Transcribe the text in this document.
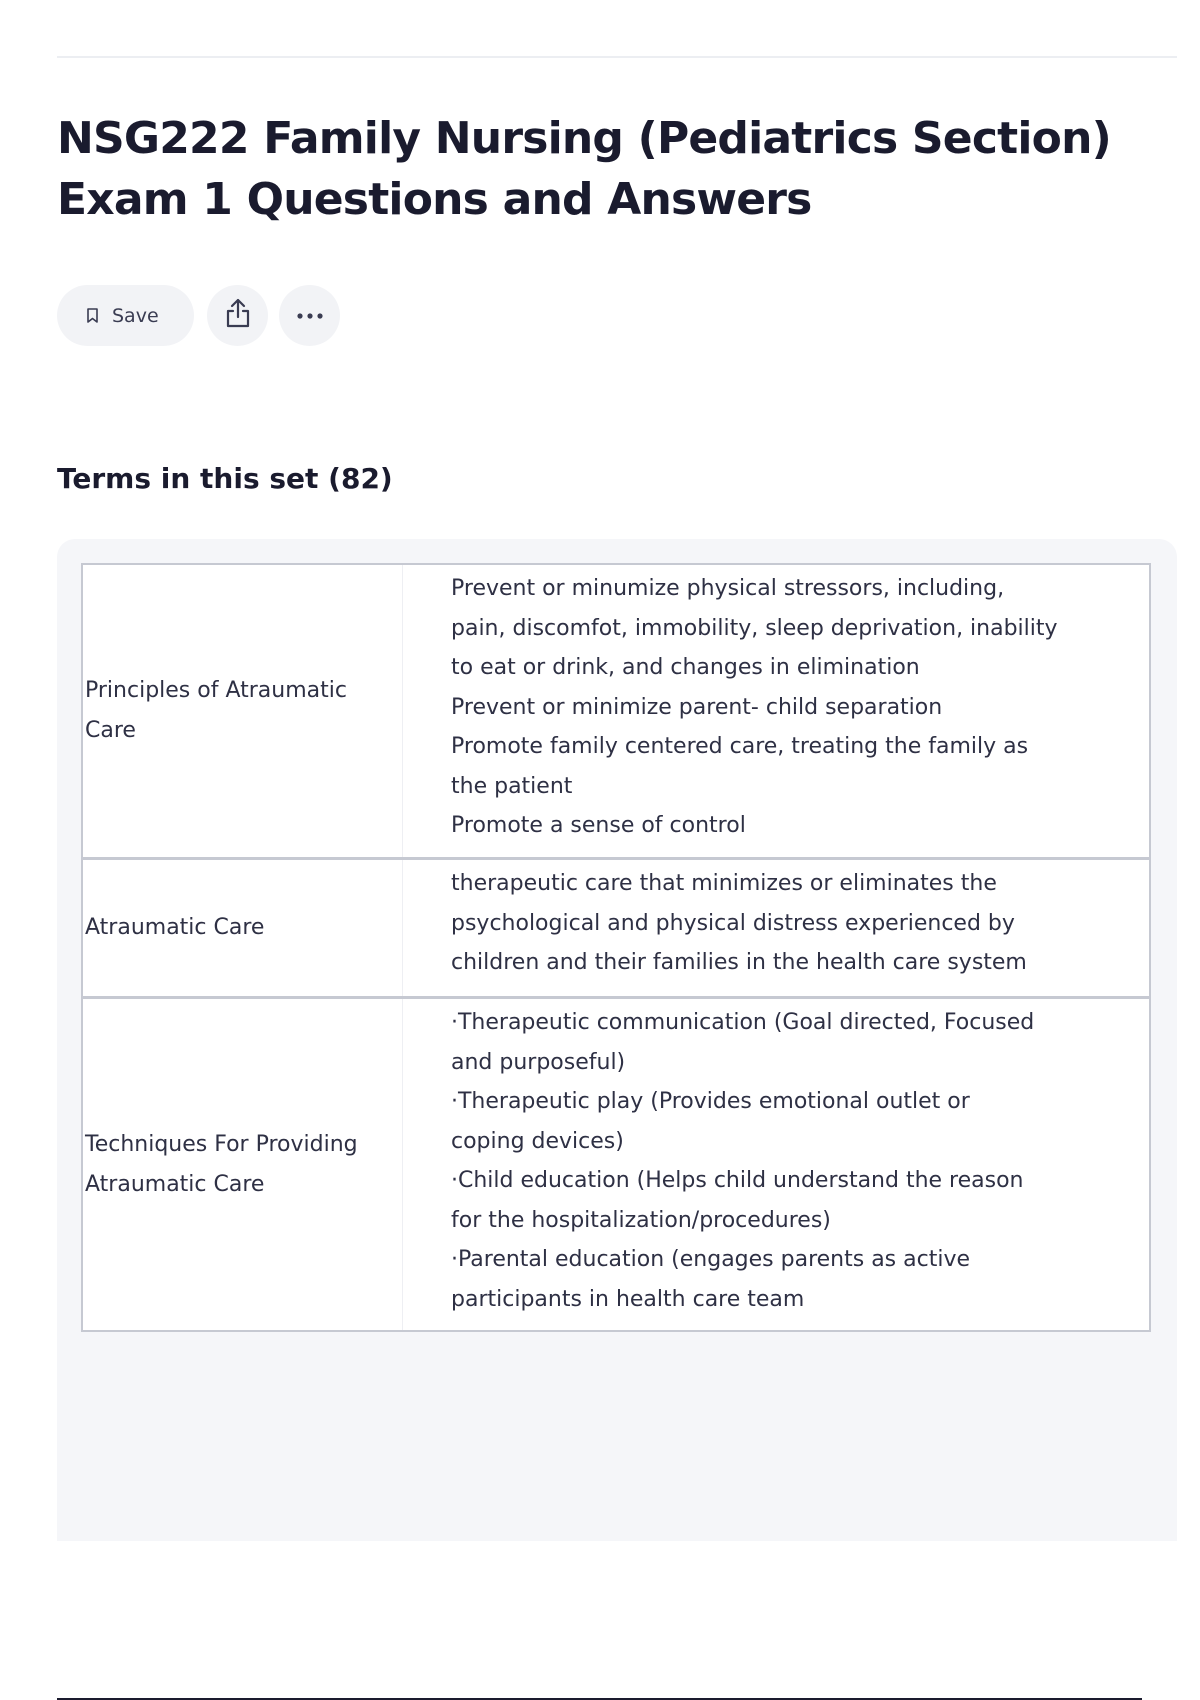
NSG222 Family Nursing (Pediatrics Section) Exam 1 Questions and Answers
Save
Terms in this set (82)
Principles of Atraumatic Care
Prevent or minumize physical stressors, including,
pain, discomfot, immobility, sleep deprivation, inability
to eat or drink, and changes in elimination
Prevent or minimize parent- child separation
Promote family centered care, treating the family as
the patient
Promote a sense of control
Atraumatic Care
therapeutic care that minimizes or eliminates the
psychological and physical distress experienced by
children and their families in the health care system
Techniques For Providing Atraumatic Care
·Therapeutic communication (Goal directed, Focused
and purposeful)
·Therapeutic play (Provides emotional outlet or
coping devices)
·Child education (Helps child understand the reason
for the hospitalization/procedures)
·Parental education (engages parents as active
participants in health care team
